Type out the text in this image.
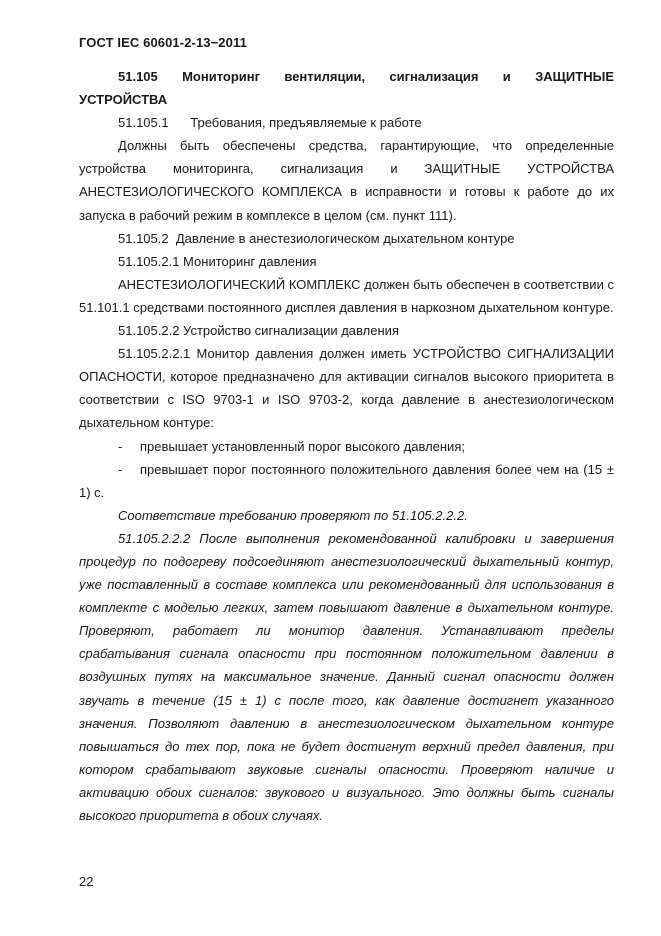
ГОСТ IEC 60601-2-13−2011

51.105      Мониторинг      вентиляции,      сигнализация      и      ЗАЩИТНЫЕ

УСТРОЙСТВА

51.105.1      Требования, предъявляемые к работе

Должны быть обеспечены средства, гарантирующие, что определенные устройства мониторинга, сигнализация и ЗАЩИТНЫЕ УСТРОЙСТВА АНЕСТЕЗИОЛОГИЧЕСКОГО КОМПЛЕКСА в исправности и готовы к работе до их запуска в рабочий режим в комплексе в целом (см. пункт 111).

51.105.2  Давление в анестезиологическом дыхательном контуре

51.105.2.1 Мониторинг давления

АНЕСТЕЗИОЛОГИЧЕСКИЙ КОМПЛЕКС должен быть обеспечен в соответствии с 51.101.1 средствами постоянного дисплея давления в наркозном дыхательном контуре.

51.105.2.2 Устройство сигнализации давления

51.105.2.2.1 Монитор давления должен иметь УСТРОЙСТВО СИГНАЛИЗАЦИИ ОПАСНОСТИ, которое предназначено для активации сигналов высокого приоритета в соответствии с ISO 9703-1 и ISO 9703-2, когда давление в анестезиологическом дыхательном контуре:

- превышает установленный порог высокого давления;

- превышает порог постоянного положительного давления более чем на (15 ± 1) с.

Соответствие требованию проверяют по 51.105.2.2.2.

51.105.2.2.2 После выполнения рекомендованной калибровки и завершения процедур по подогреву подсоединяют анестезиологический дыхательный контур, уже поставленный в составе комплекса или рекомендованный для использования в комплекте с моделью легких, затем повышают давление в дыхательном контуре. Проверяют, работает ли монитор давления. Устанавливают пределы срабатывания сигнала опасности при постоянном положительном давлении в воздушных путях на максимальное значение. Данный сигнал опасности должен звучать в течение (15 ± 1) с после того, как давление достигнет указанного значения. Позволяют давлению в анестезиологическом дыхательном контуре повышаться до тех пор, пока не будет достигнут верхний предел давления, при котором срабатывают звуковые сигналы опасности. Проверяют наличие и активацию обоих сигналов: звукового и визуального. Это должны быть сигналы высокого приоритета в обоих случаях.

22
